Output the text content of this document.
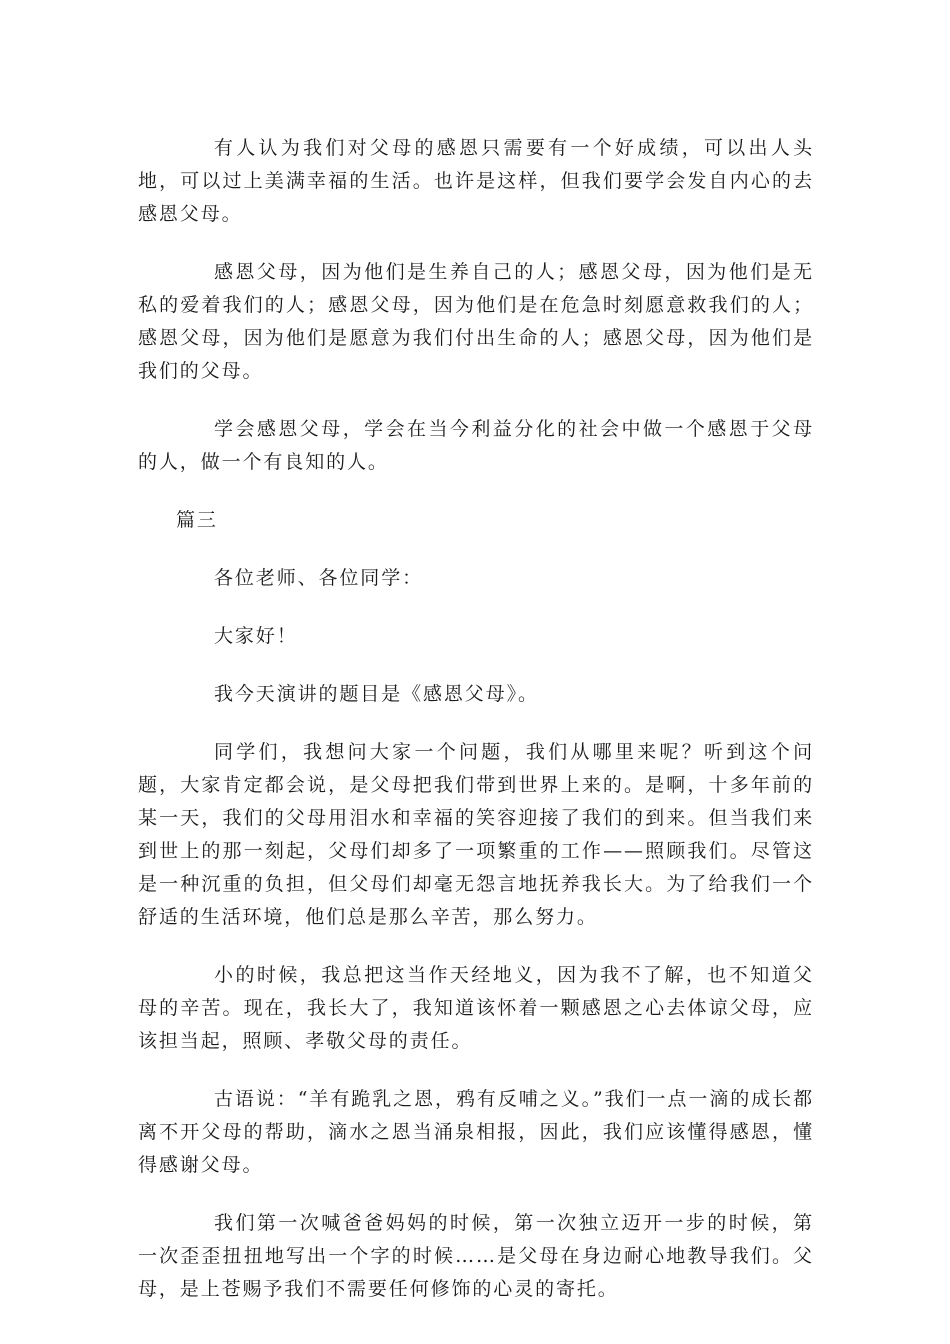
有人认为我们对父母的感恩只需要有一个好成绩，可以出人头地，可以过上美满幸福的生活。也许是这样，但我们要学会发自内心的去感恩父母。

感恩父母，因为他们是生养自己的人；感恩父母，因为他们是无私的爱着我们的人；感恩父母，因为他们是在危急时刻愿意救我们的人；感恩父母，因为他们是愿意为我们付出生命的人；感恩父母，因为他们是我们的父母。

学会感恩父母，学会在当今利益分化的社会中做一个感恩于父母的人，做一个有良知的人。

篇三

各位老师、各位同学：

大家好！

我今天演讲的题目是《感恩父母》。

同学们，我想问大家一个问题，我们从哪里来呢？听到这个问题，大家肯定都会说，是父母把我们带到世界上来的。是啊，十多年前的某一天，我们的父母用泪水和幸福的笑容迎接了我们的到来。但当我们来到世上的那一刻起，父母们却多了一项繁重的工作——照顾我们。尽管这是一种沉重的负担，但父母们却毫无怨言地抚养我长大。为了给我们一个舒适的生活环境，他们总是那么辛苦，那么努力。

小的时候，我总把这当作天经地义，因为我不了解，也不知道父母的辛苦。现在，我长大了，我知道该怀着一颗感恩之心去体谅父母，应该担当起，照顾、孝敬父母的责任。

古语说：“羊有跪乳之恩，鸦有反哺之义。”我们一点一滴的成长都离不开父母的帮助，滴水之恩当涌泉相报，因此，我们应该懂得感恩，懂得感谢父母。

我们第一次喊爸爸妈妈的时候，第一次独立迈开一步的时候，第一次歪歪扭扭地写出一个字的时候……是父母在身边耐心地教导我们。父母，是上苍赐予我们不需要任何修饰的心灵的寄托。
